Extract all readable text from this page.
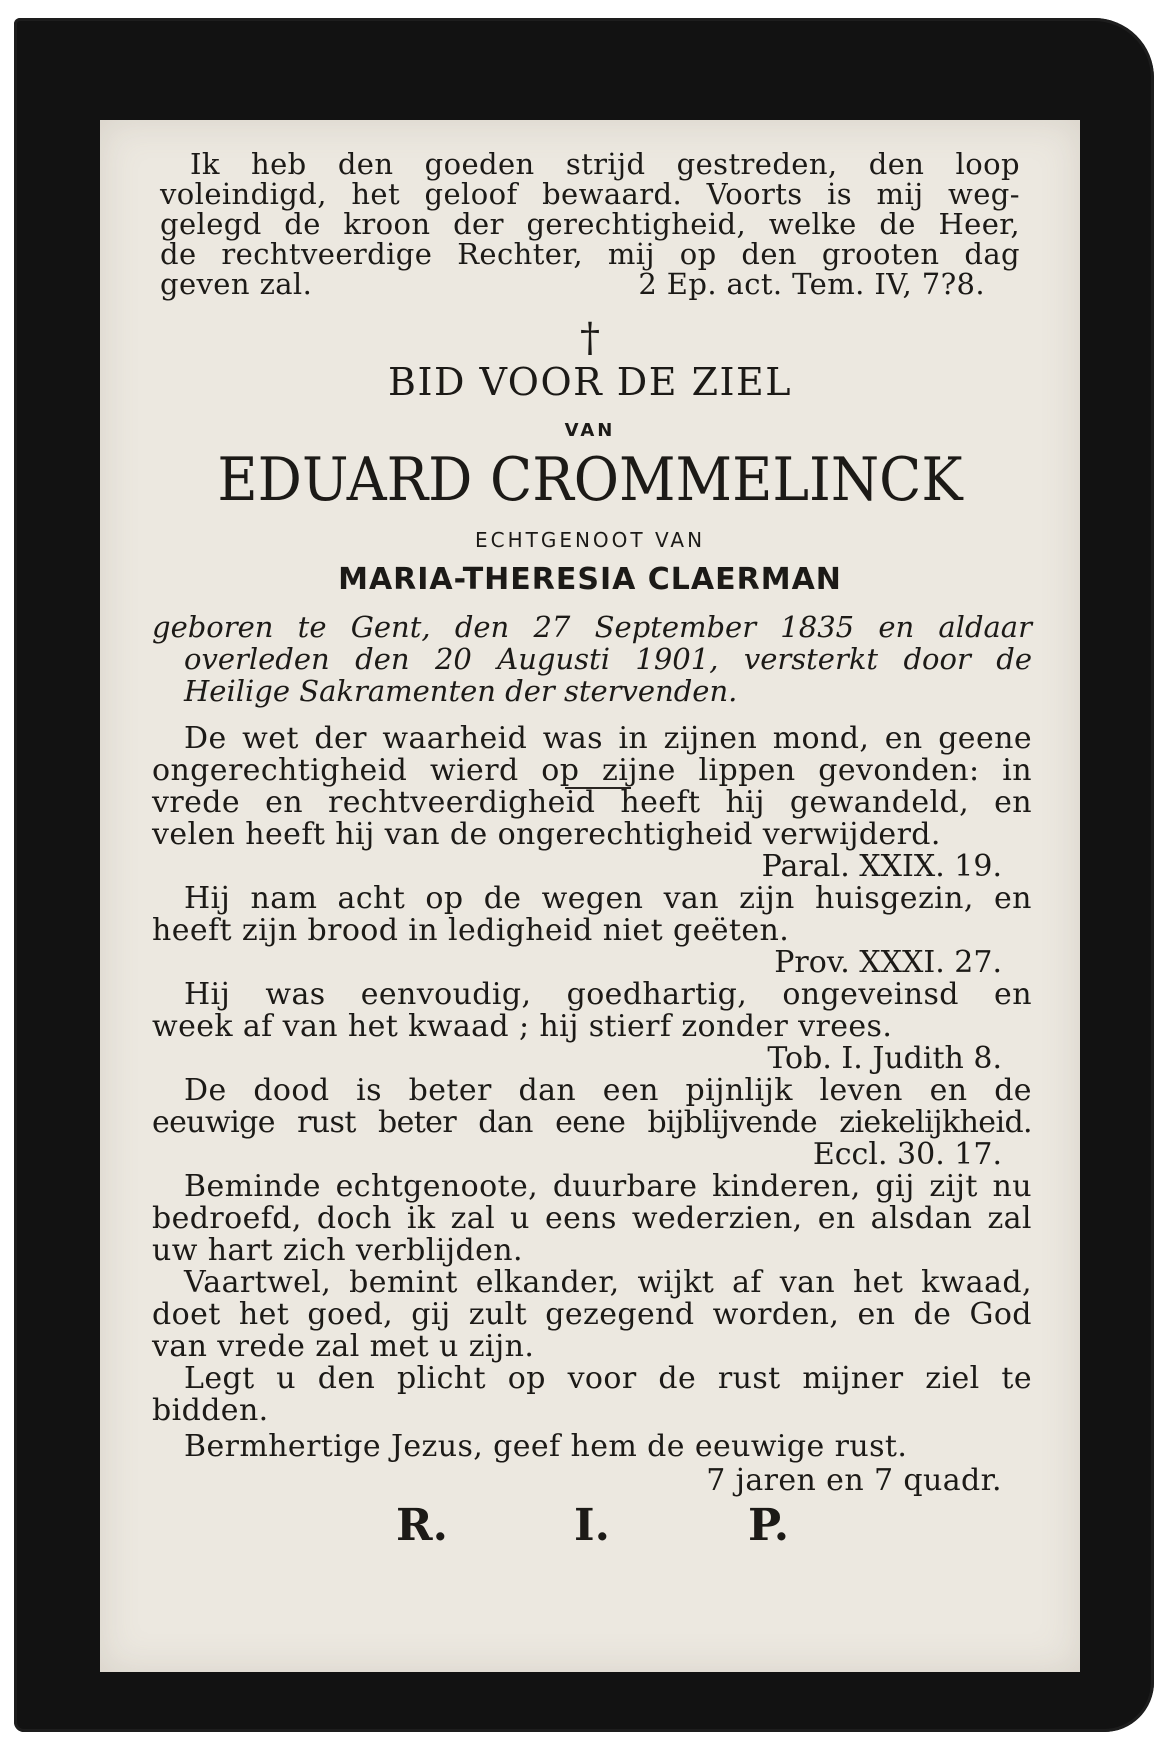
Ik heb den goeden strijd gestreden, den loop
voleindigd, het geloof bewaard. Voorts is mij weg-
gelegd de kroon der gerechtigheid, welke de Heer,
de rechtveerdige Rechter, mij op den grooten dag
geven zal.	2 Ep. act. Tem. IV, 7?8.
†
BID VOOR DE ZIEL
VAN
EDUARD CROMMELINCK
ECHTGENOOT VAN
MARIA-THERESIA CLAERMAN
geboren te Gent, den 27 September 1835 en aldaar
overleden den 20 Augusti 1901, versterkt door de
Heilige Sakramenten der stervenden.
De wet der waarheid was in zijnen mond, en geene
ongerechtigheid wierd op zijne lippen gevonden: in
vrede en rechtveerdigheid heeft hij gewandeld, en
velen heeft hij van de ongerechtigheid verwijderd.
Paral. XXIX. 19.
Hij nam acht op de wegen van zijn huisgezin, en
heeft zijn brood in ledigheid niet geëten.
Prov. XXXI. 27.
Hij was eenvoudig, goedhartig, ongeveinsd en
week af van het kwaad ; hij stierf zonder vrees.
Tob. I. Judith 8.
De dood is beter dan een pijnlijk leven en de
eeuwige rust beter dan eene bijblijvende ziekelijkheid.
Eccl. 30. 17.
Beminde echtgenoote, duurbare kinderen, gij zijt nu
bedroefd, doch ik zal u eens wederzien, en alsdan zal
uw hart zich verblijden.
Vaartwel, bemint elkander, wijkt af van het kwaad,
doet het goed, gij zult gezegend worden, en de God
van vrede zal met u zijn.
Legt u den plicht op voor de rust mijner ziel te
bidden.
Bermhertige Jezus, geef hem de eeuwige rust.
7 jaren en 7 quadr.
R.	I.	P.
